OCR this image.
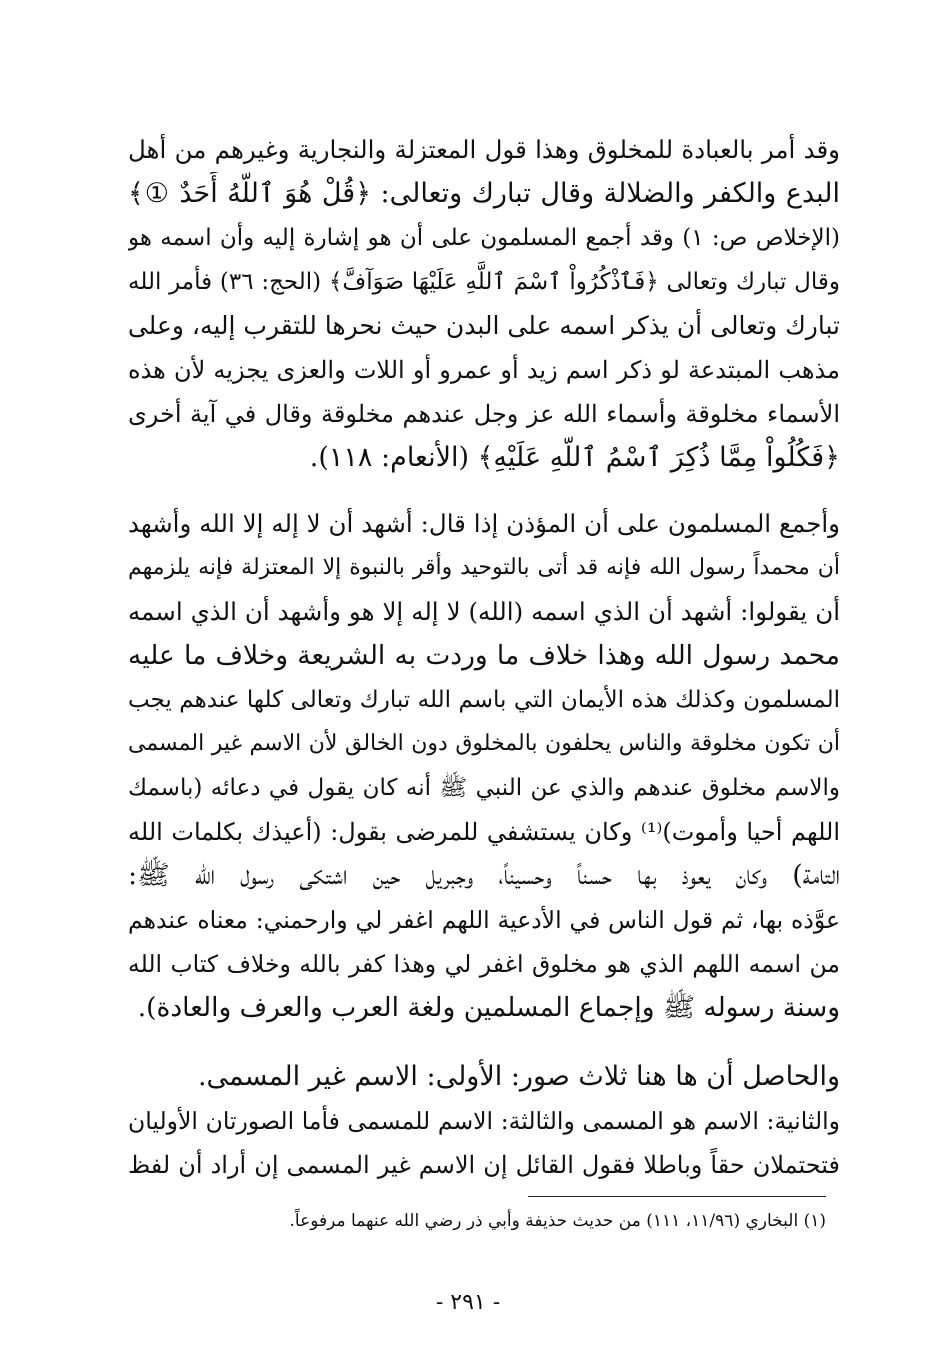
وقد أمر بالعبادة للمخلوق وهذا قول المعتزلة والنجارية وغيرهم من أهل
البدع والكفر والضلالة وقال تبارك وتعالى: ﴿قُلْ هُوَ ٱللَّهُ أَحَدٌ ①﴾
(الإخلاص ص: ١) وقد أجمع المسلمون على أن هو إشارة إليه وأن اسمه هو
وقال تبارك وتعالى ﴿فَٱذْكُرُواْ ٱسْمَ ٱللَّهِ عَلَيْهَا صَوَآفَّ﴾ (الحج: ٣٦) فأمر الله
تبارك وتعالى أن يذكر اسمه على البدن حيث نحرها للتقرب إليه، وعلى
مذهب المبتدعة لو ذكر اسم زيد أو عمرو أو اللات والعزى يجزيه لأن هذه
الأسماء مخلوقة وأسماء الله عز وجل عندهم مخلوقة وقال في آية أخرى
﴿فَكُلُواْ مِمَّا ذُكِرَ ٱسْمُ ٱللَّهِ عَلَيْهِ﴾ (الأنعام: ١١٨).
وأجمع المسلمون على أن المؤذن إذا قال: أشهد أن لا إله إلا الله وأشهد
أن محمداً رسول الله فإنه قد أتى بالتوحيد وأقر بالنبوة إلا المعتزلة فإنه يلزمهم
أن يقولوا: أشهد أن الذي اسمه (الله) لا إله إلا هو وأشهد أن الذي اسمه
محمد رسول الله وهذا خلاف ما وردت به الشريعة وخلاف ما عليه
المسلمون وكذلك هذه الأيمان التي باسم الله تبارك وتعالى كلها عندهم يجب
أن تكون مخلوقة والناس يحلفون بالمخلوق دون الخالق لأن الاسم غير المسمى
والاسم مخلوق عندهم والذي عن النبي ﷺ أنه كان يقول في دعائه (باسمك
اللهم أحيا وأموت)⁽¹⁾ وكان يستشفي للمرضى بقول: (أعيذك بكلمات الله
التامة) وكان يعوذ بها حسناً وحسيناً، وجبريل حين اشتكى رسول الله ﷺ:
عوَّذه بها، ثم قول الناس في الأدعية اللهم اغفر لي وارحمني: معناه عندهم
من اسمه اللهم الذي هو مخلوق اغفر لي وهذا كفر بالله وخلاف كتاب الله
وسنة رسوله ﷺ وإجماع المسلمين ولغة العرب والعرف والعادة).
والحاصل أن ها هنا ثلاث صور: الأولى: الاسم غير المسمى.
والثانية: الاسم هو المسمى والثالثة: الاسم للمسمى فأما الصورتان الأوليان
فتحتملان حقاً وباطلا فقول القائل إن الاسم غير المسمى إن أراد أن لفظ
(١) البخاري (١١/٩٦، ١١١) من حديث حذيفة وأبي ذر رضي الله عنهما مرفوعاً.
- ٢٩١ -
